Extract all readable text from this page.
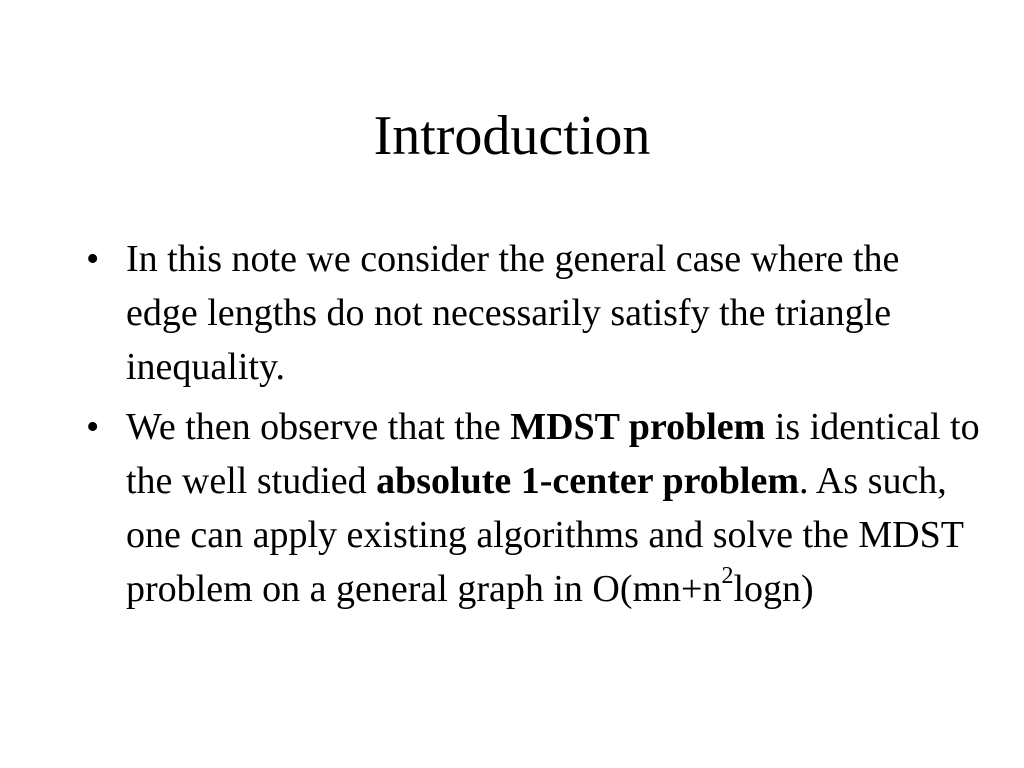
Introduction
• In this note we consider the general case where the edge lengths do not necessarily satisfy the triangle inequality.
• We then observe that the MDST problem is identical to the well studied absolute 1-center problem. As such, one can apply existing algorithms and solve the MDST problem on a general graph in $O(mn+n^2\log n)$
